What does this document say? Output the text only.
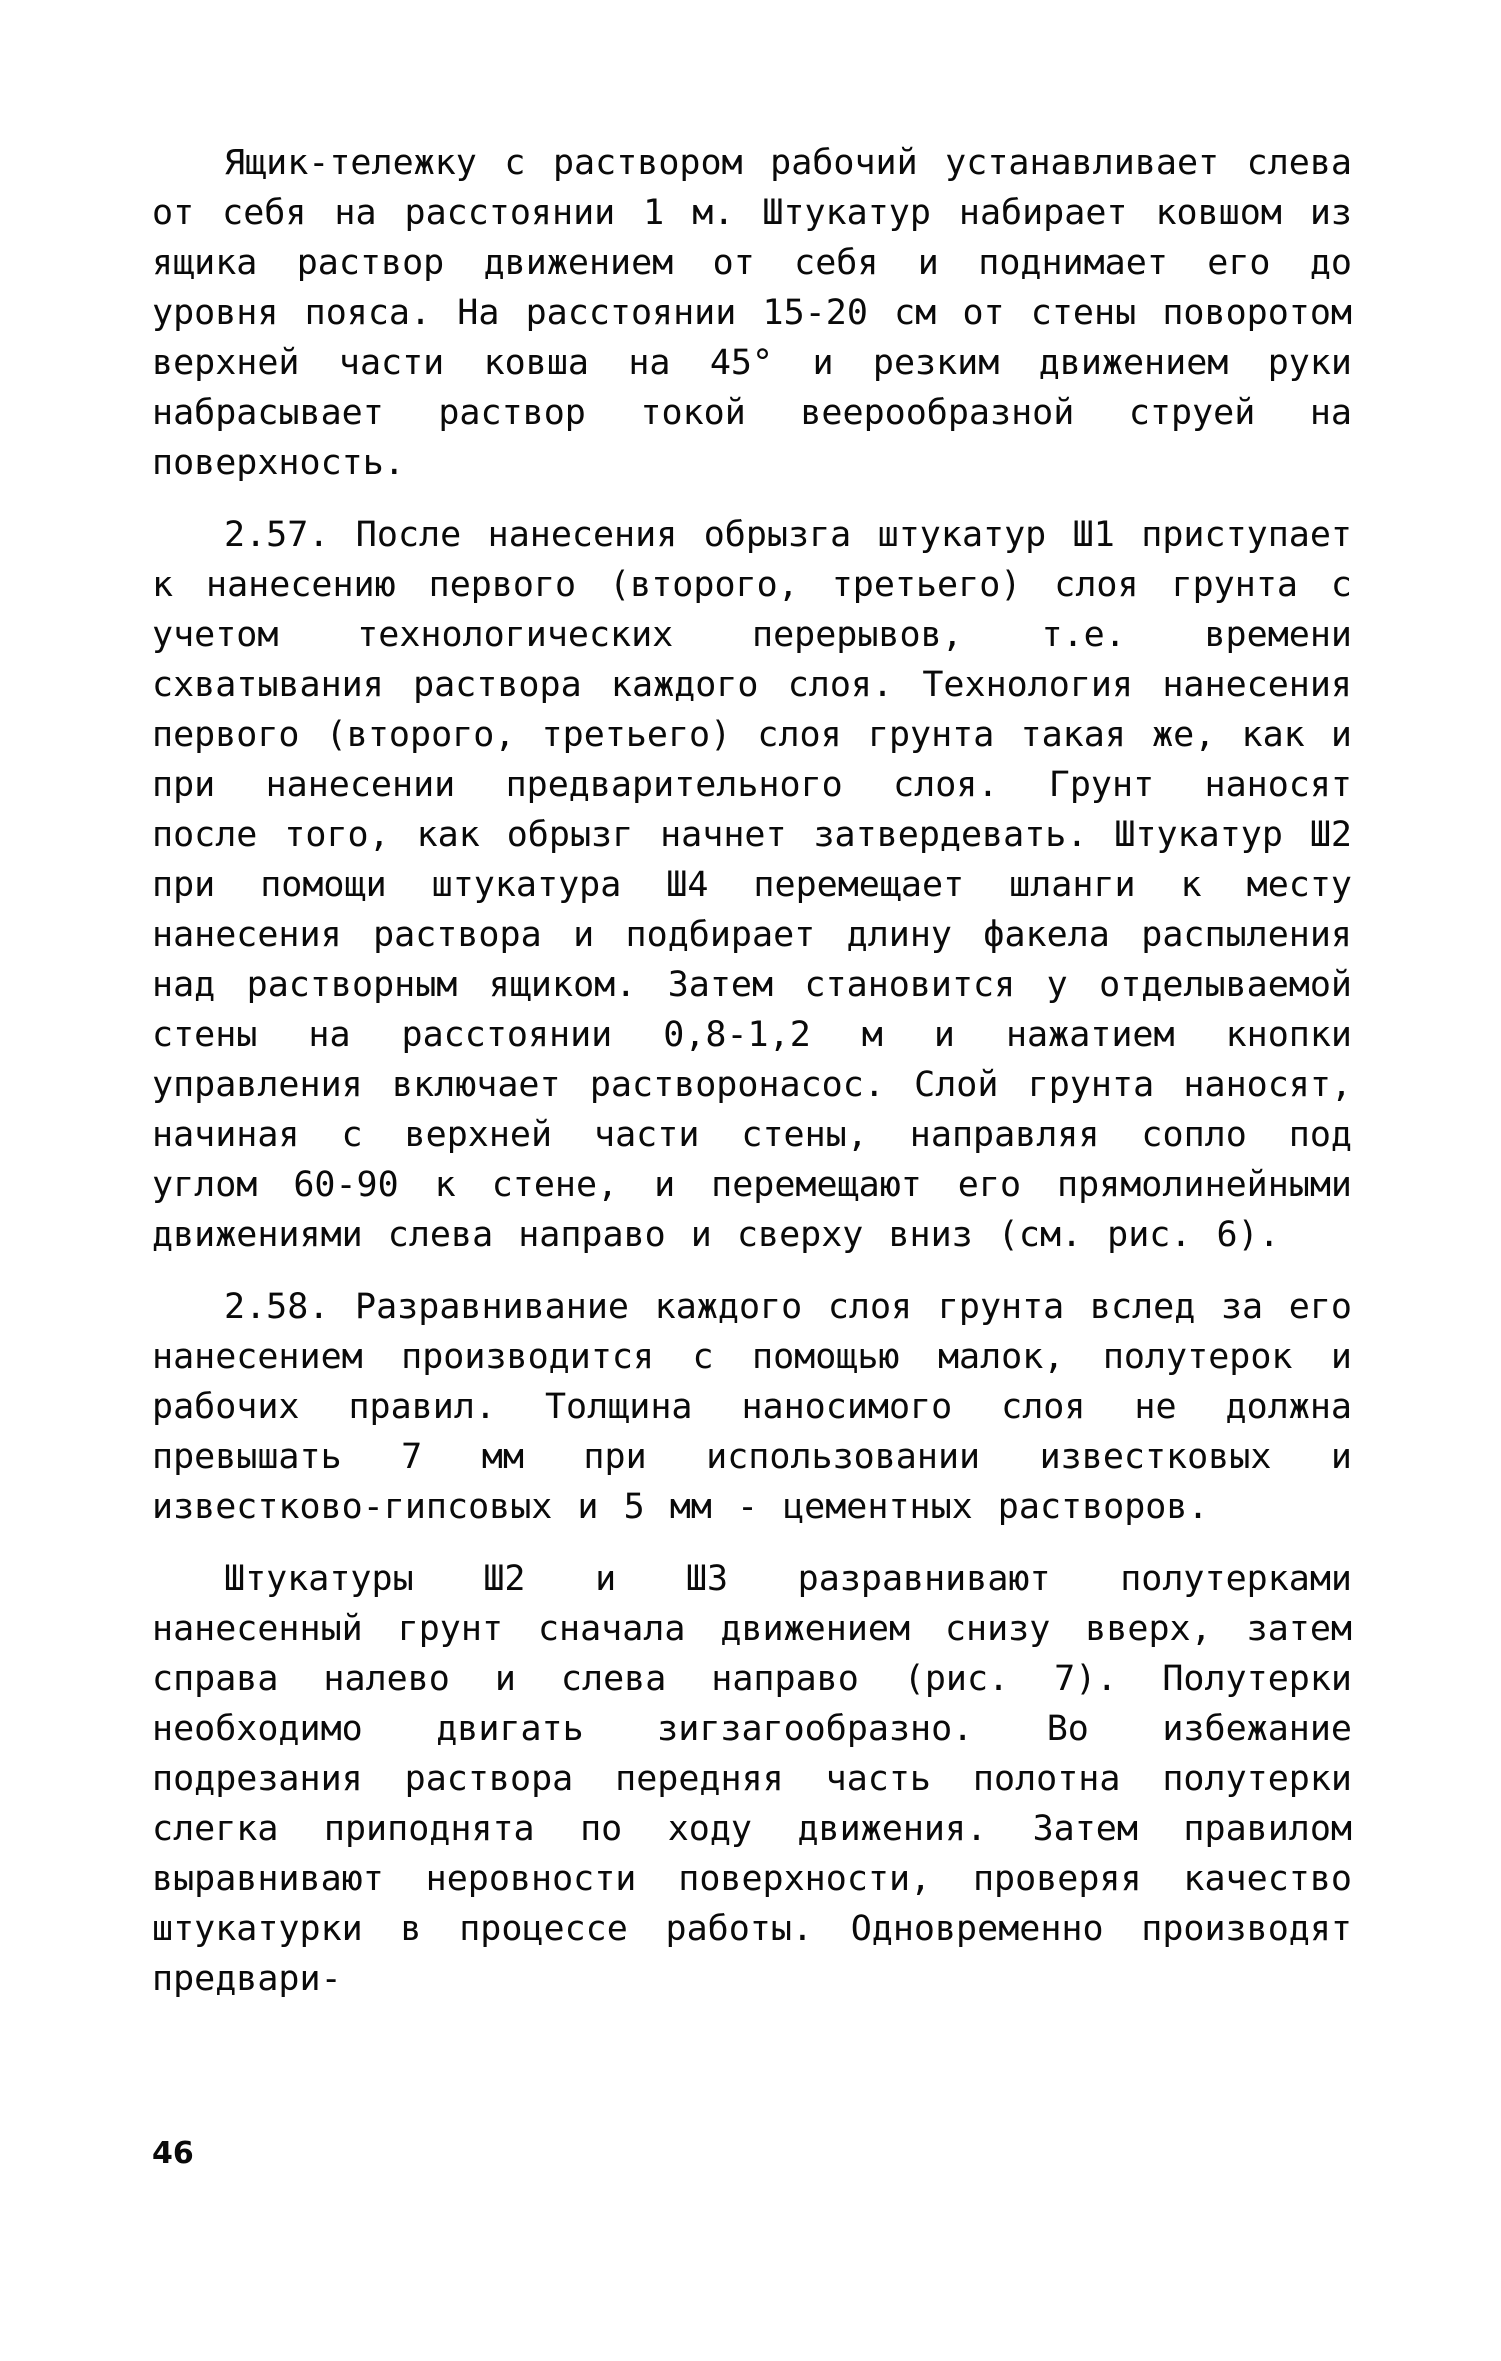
Ящик-тележку с раствором рабочий устанавливает слева от себя на расстоянии 1 м. Штукатур набирает ковшом из ящика раствор движением от себя и поднимает его до уровня пояса. На расстоянии 15-20 см от стены поворотом верхней части ковша на 45° и резким движением руки набрасывает раствор токой веерообразной струей на поверхность.

2.57. После нанесения обрызга штукатур Ш1 приступает к нанесению первого (второго, третьего) слоя грунта с учетом технологических перерывов, т.е. времени схватывания раствора каждого слоя. Технология нанесения первого (второго, третьего) слоя грунта такая же, как и при нанесении предварительного слоя. Грунт наносят после того, как обрызг начнет затвердевать. Штукатур Ш2 при помощи штукатура Ш4 перемещает шланги к месту нанесения раствора и подбирает длину факела распыления над растворным ящиком. Затем становится у отделываемой стены на расстоянии 0,8-1,2 м и нажатием кнопки управления включает растворонасос. Слой грунта наносят, начиная с верхней части стены, направляя сопло под углом 60-90 к стене, и перемещают его прямолинейными движениями слева направо и сверху вниз (см. рис. 6).

2.58. Разравнивание каждого слоя грунта вслед за его нанесением производится с помощью малок, полутерок и рабочих правил. Толщина наносимого слоя не должна превышать 7 мм при использовании известковых и известково-гипсовых и 5 мм - цементных растворов.

Штукатуры Ш2 и Ш3 разравнивают полутерками нанесенный грунт сначала движением снизу вверх, затем справа налево и слева направо (рис. 7). Полутерки необходимо двигать зигзагообразно. Во избежание подрезания раствора передняя часть полотна полутерки слегка приподнята по ходу движения. Затем правилом выравнивают неровности поверхности, проверяя качество штукатурки в процессе работы. Одновременно производят предвари-

46
